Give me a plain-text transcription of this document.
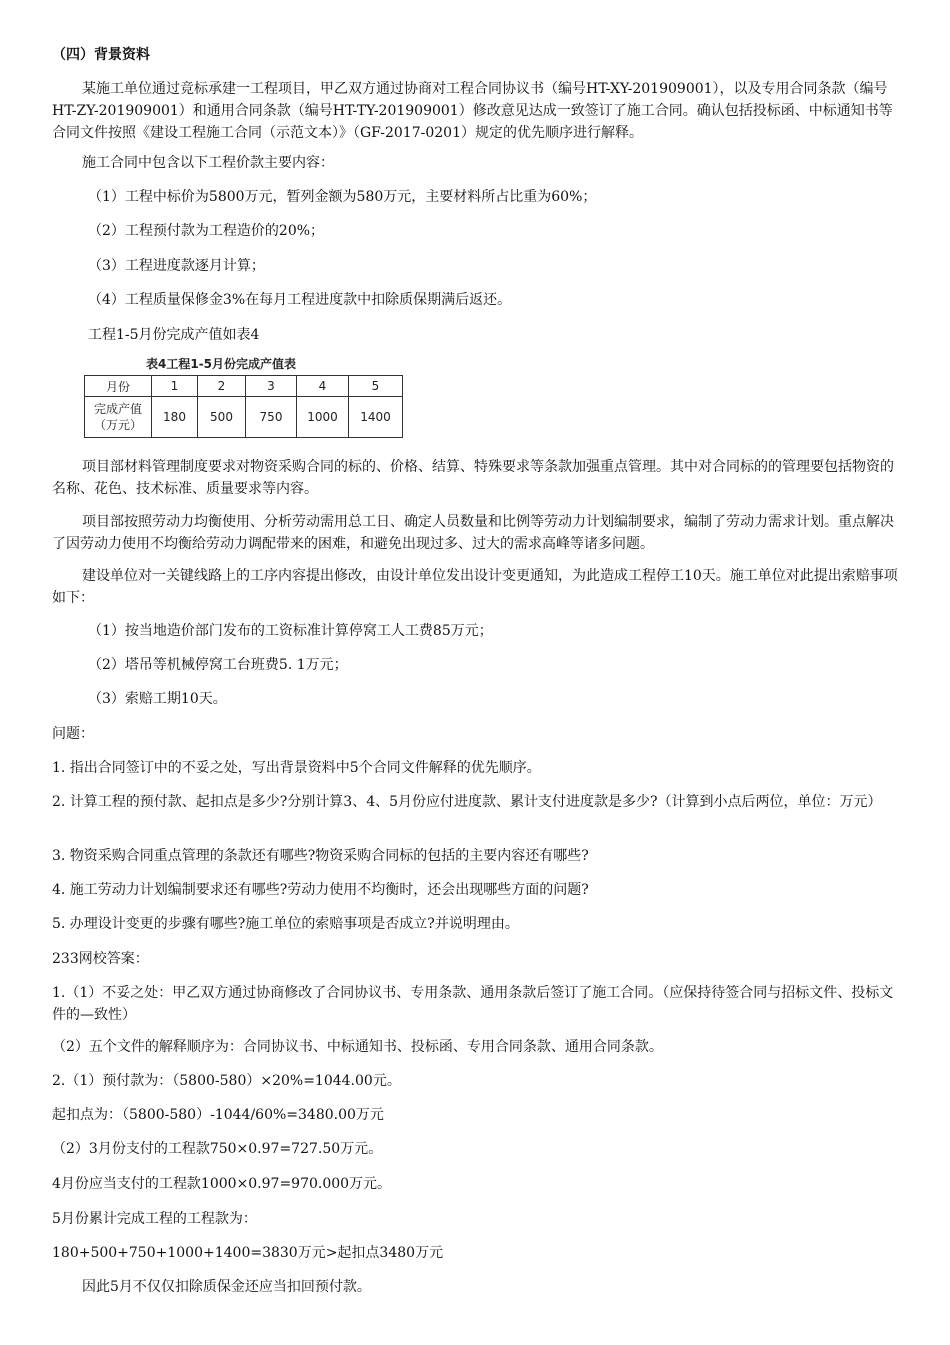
（四）背景资料

某施工单位通过竞标承建一工程项目，甲乙双方通过协商对工程合同协议书（编号HT-XY-201909001），以及专用合同条款（编号HT-ZY-201909001）和通用合同条款（编号HT-TY-201909001）修改意见达成一致签订了施工合同。确认包括投标函、中标通知书等合同文件按照《建设工程施工合同（示范文本）》（GF-2017-0201）规定的优先顺序进行解释。

施工合同中包含以下工程价款主要内容：

（1）工程中标价为5800万元，暂列金额为580万元，主要材料所占比重为60%；

（2）工程预付款为工程造价的20%；

（3）工程进度款逐月计算；

（4）工程质量保修金3%在每月工程进度款中扣除质保期满后返还。

工程1-5月份完成产值如表4

表4工程1-5月份完成产值表
月份	1	2	3	4	5

完成产值
（万元）	180	500	750	1000	1400

项目部材料管理制度要求对物资采购合同的标的、价格、结算、特殊要求等条款加强重点管理。其中对合同标的的管理要包括物资的名称、花色、技术标准、质量要求等内容。

项目部按照劳动力均衡使用、分析劳动需用总工日、确定人员数量和比例等劳动力计划编制要求，编制了劳动力需求计划。重点解决了因劳动力使用不均衡给劳动力调配带来的困难，和避免出现过多、过大的需求高峰等诸多问题。

建设单位对一关键线路上的工序内容提出修改，由设计单位发出设计变更通知，为此造成工程停工10天。施工单位对此提出索赔事项如下：

（1）按当地造价部门发布的工资标准计算停窝工人工费85万元；

（2）塔吊等机械停窝工台班费5. 1万元；

（3）索赔工期10天。

问题：

1. 指出合同签订中的不妥之处，写出背景资料中5个合同文件解释的优先顺序。

2. 计算工程的预付款、起扣点是多少?分别计算3、4、5月份应付进度款、累计支付进度款是多少?（计算到小点后两位，单位：万元）

3. 物资采购合同重点管理的条款还有哪些?物资采购合同标的包括的主要内容还有哪些?

4. 施工劳动力计划编制要求还有哪些?劳动力使用不均衡时，还会出现哪些方面的问题?

5. 办理设计变更的步骤有哪些?施工单位的索赔事项是否成立?并说明理由。

233网校答案：

1.（1）不妥之处：甲乙双方通过协商修改了合同协议书、专用条款、通用条款后签订了施工合同。（应保持待签合同与招标文件、投标文件的—致性）

（2）五个文件的解释顺序为：合同协议书、中标通知书、投标函、专用合同条款、通用合同条款。

2.（1）预付款为：（5800-580）×20%=1044.00元。

起扣点为：（5800-580）-1044/60%=3480.00万元

（2）3月份支付的工程款750×0.97=727.50万元。

4月份应当支付的工程款1000×0.97=970.000万元。

5月份累计完成工程的工程款为：

180+500+750+1000+1400=3830万元>起扣点3480万元

因此5月不仅仅扣除质保金还应当扣回预付款。
